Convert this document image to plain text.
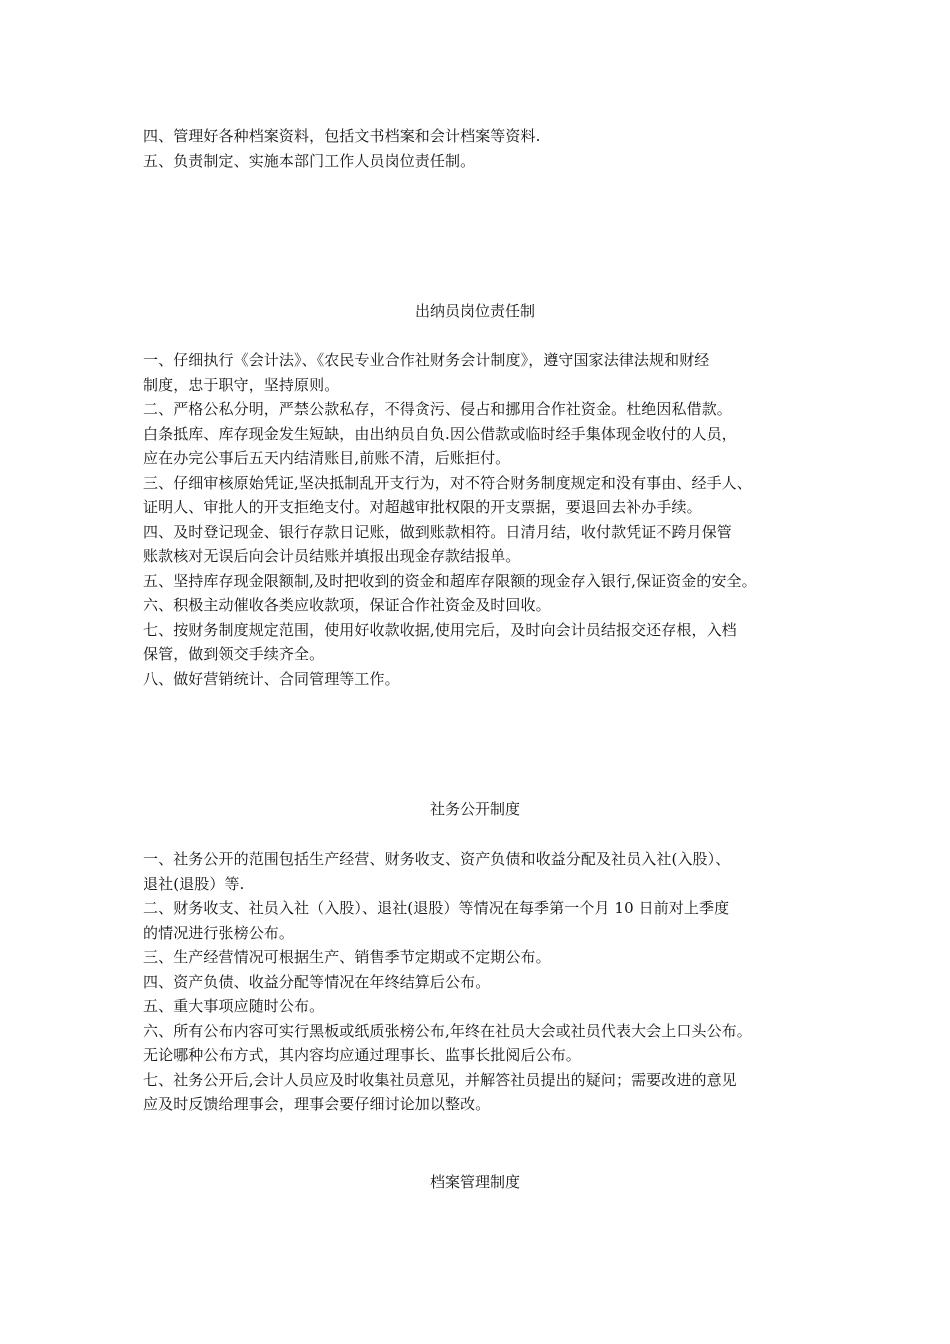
四、管理好各种档案资料，包括文书档案和会计档案等资料.
五、负责制定、实施本部门工作人员岗位责任制。
出纳员岗位责任制
一、仔细执行《会计法》、《农民专业合作社财务会计制度》，遵守国家法律法规和财经
制度，忠于职守，坚持原则。
二、严格公私分明，严禁公款私存，不得贪污、侵占和挪用合作社资金。杜绝因私借款。
白条抵库、库存现金发生短缺，由出纳员自负.因公借款或临时经手集体现金收付的人员，
应在办完公事后五天内结清账目,前账不清，后账拒付。
三、仔细审核原始凭证,坚决抵制乱开支行为，对不符合财务制度规定和没有事由、经手人、
证明人、审批人的开支拒绝支付。对超越审批权限的开支票据，要退回去补办手续。
四、及时登记现金、银行存款日记账，做到账款相符。日清月结，收付款凭证不跨月保管
账款核对无误后向会计员结账并填报出现金存款结报单。
五、坚持库存现金限额制,及时把收到的资金和超库存限额的现金存入银行,保证资金的安全。
六、积极主动催收各类应收款项，保证合作社资金及时回收。
七、按财务制度规定范围，使用好收款收据,使用完后，及时向会计员结报交还存根，入档
保管，做到领交手续齐全。
八、做好营销统计、合同管理等工作。
社务公开制度
一、社务公开的范围包括生产经营、财务收支、资产负债和收益分配及社员入社(入股）、
退社(退股）等.
二、财务收支、社员入社（入股）、退社(退股）等情况在每季第一个月 10 日前对上季度
的情况进行张榜公布。
三、生产经营情况可根据生产、销售季节定期或不定期公布。
四、资产负债、收益分配等情况在年终结算后公布。
五、重大事项应随时公布。
六、所有公布内容可实行黑板或纸质张榜公布,年终在社员大会或社员代表大会上口头公布。
无论哪种公布方式，其内容均应通过理事长、监事长批阅后公布。
七、社务公开后,会计人员应及时收集社员意见，并解答社员提出的疑问；需要改进的意见
应及时反馈给理事会，理事会要仔细讨论加以整改。
档案管理制度
